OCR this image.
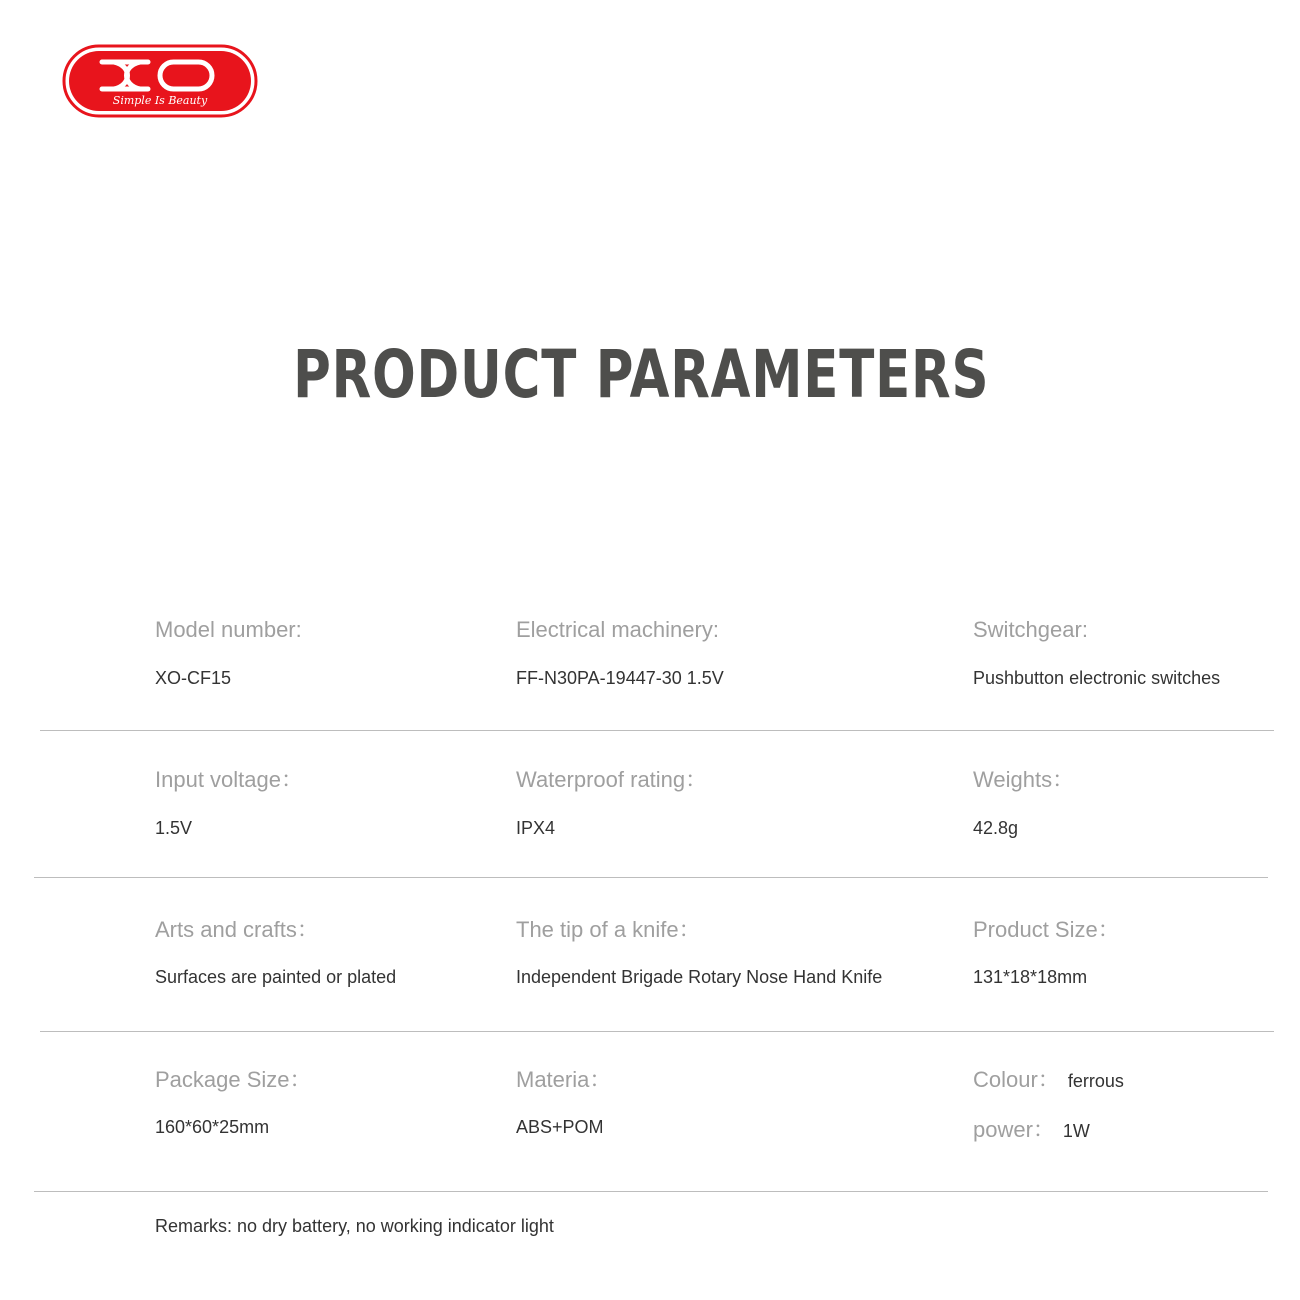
Simple Is Beauty
PRODUCT PARAMETERS
Model number:
XO-CF15
Electrical machinery:
FF-N30PA-19447-30 1.5V
Switchgear:
Pushbutton electronic switches
Input voltage：
1.5V
Waterproof rating：
IPX4
Weights：
42.8g
Arts and crafts：
Surfaces are painted or plated
The tip of a knife：
Independent Brigade Rotary Nose Hand Knife
Product Size：
131*18*18mm
Package Size：
160*60*25mm
Materia：
ABS+POM
Colour： ferrous
power： 1W
Remarks: no dry battery, no working indicator light
